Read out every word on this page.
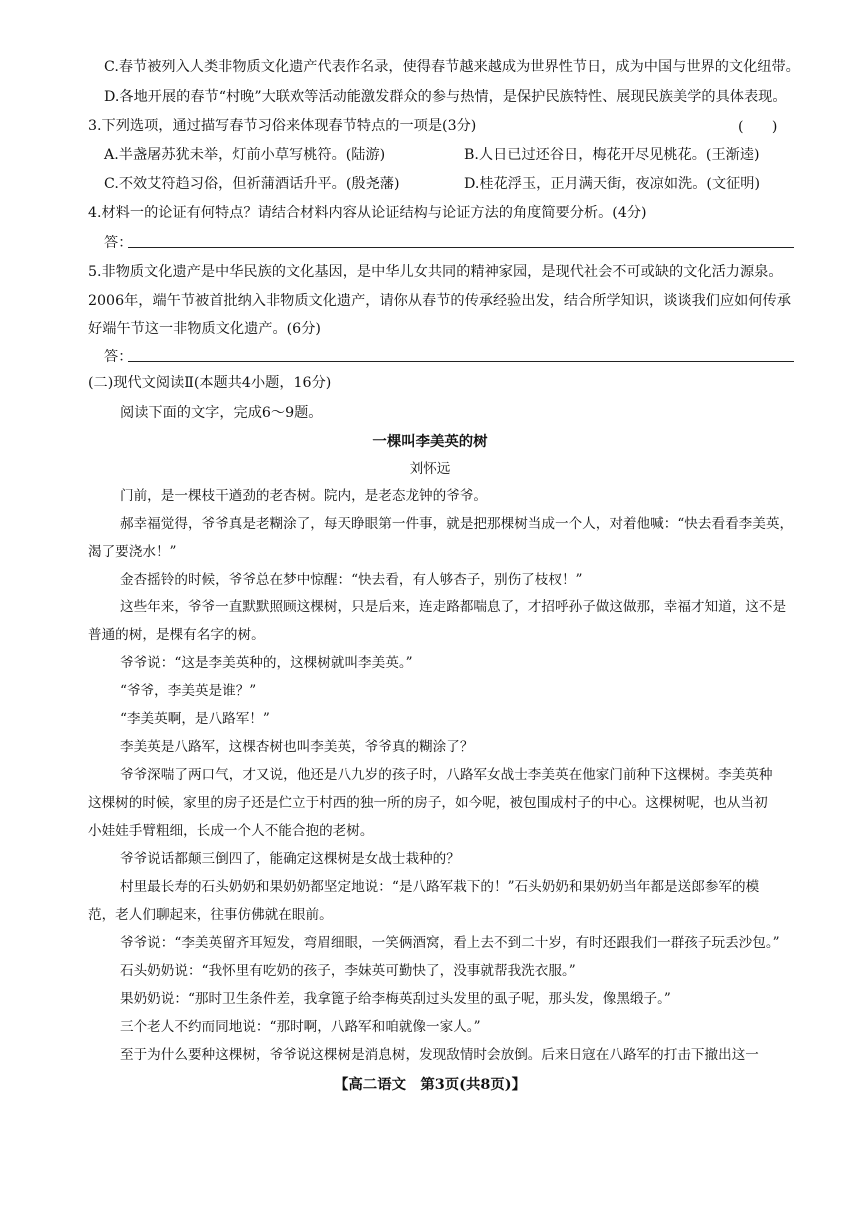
C.春节被列入人类非物质文化遗产代表作名录，使得春节越来越成为世界性节日，成为中国与世界的文化纽带。
D.各地开展的春节“村晚”大联欢等活动能激发群众的参与热情，是保护民族特性、展现民族美学的具体表现。
3.下列选项，通过描写春节习俗来体现春节特点的一项是(3分)	(　　)
A.半盏屠苏犹未举，灯前小草写桃符。(陆游)	B.人日已过还谷日，梅花开尽见桃花。(王渐逵)
C.不效艾符趋习俗，但祈蒲酒话升平。(殷尧藩)	D.桂花浮玉，正月满天街，夜凉如洗。(文征明)
4.材料一的论证有何特点？请结合材料内容从论证结构与论证方法的角度简要分析。(4分)
答：
5.非物质文化遗产是中华民族的文化基因，是中华儿女共同的精神家园，是现代社会不可或缺的文化活力源泉。
2006年，端午节被首批纳入非物质文化遗产，请你从春节的传承经验出发，结合所学知识，谈谈我们应如何传承
好端午节这一非物质文化遗产。(6分)
答：
(二)现代文阅读Ⅱ(本题共4小题，16分)
阅读下面的文字，完成6～9题。
一棵叫李美英的树
刘怀远
门前，是一棵枝干遒劲的老杏树。院内，是老态龙钟的爷爷。
郝幸福觉得，爷爷真是老糊涂了，每天睁眼第一件事，就是把那棵树当成一个人，对着他喊：“快去看看李美英，
渴了要浇水！”
金杏摇铃的时候，爷爷总在梦中惊醒：“快去看，有人够杏子，别伤了枝杈！”
这些年来，爷爷一直默默照顾这棵树，只是后来，连走路都喘息了，才招呼孙子做这做那，幸福才知道，这不是
普通的树，是棵有名字的树。
爷爷说：“这是李美英种的，这棵树就叫李美英。”
“爷爷，李美英是谁？”
“李美英啊，是八路军！”
李美英是八路军，这棵杏树也叫李美英，爷爷真的糊涂了？
爷爷深喘了两口气，才又说，他还是八九岁的孩子时，八路军女战士李美英在他家门前种下这棵树。李美英种
这棵树的时候，家里的房子还是伫立于村西的独一所的房子，如今呢，被包围成村子的中心。这棵树呢，也从当初
小娃娃手臂粗细，长成一个人不能合抱的老树。
爷爷说话都颠三倒四了，能确定这棵树是女战士栽种的？
村里最长寿的石头奶奶和果奶奶都坚定地说：“是八路军栽下的！”石头奶奶和果奶奶当年都是送郎参军的模
范，老人们聊起来，往事仿佛就在眼前。
爷爷说：“李美英留齐耳短发，弯眉细眼，一笑俩酒窝，看上去不到二十岁，有时还跟我们一群孩子玩丢沙包。”
石头奶奶说：“我怀里有吃奶的孩子，李妹英可勤快了，没事就帮我洗衣服。”
果奶奶说：“那时卫生条件差，我拿篦子给李梅英刮过头发里的虱子呢，那头发，像黑缎子。”
三个老人不约而同地说：“那时啊，八路军和咱就像一家人。”
至于为什么要种这棵树，爷爷说这棵树是消息树，发现敌情时会放倒。后来日寇在八路军的打击下撤出这一
【高二语文　第3页(共8页)】
